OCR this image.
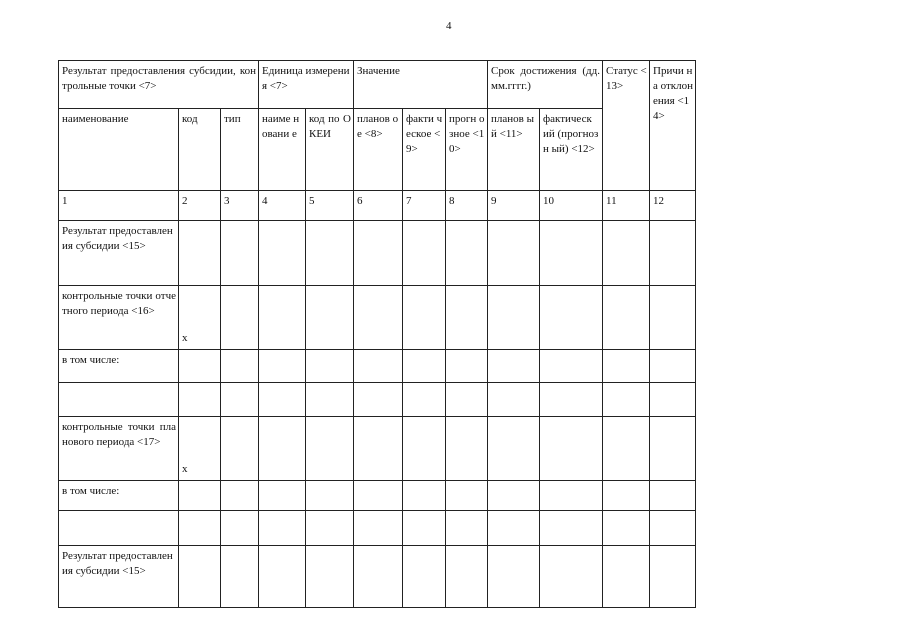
4
Результат предоставления субсидии, контрольные точки <7>			Единица измерения <7>		Значение			Срок достижения (дд.мм.гггг.)		Статус <13>	Причи на отклон ения <14>
наименование	код	тип	наиме новани е	код по ОКЕИ	планов ое <8>	факти ческое <9>	прогн озное <10>	планов ый <11>	фактическ ий (прогнозн ый) <12>		
1	2	3	4	5	6	7	8	9	10	11	12
Результат предоставления субсидии <15>											
контрольные точки отчетного периода <16>	x										
в том числе:											

контрольные точки планового периода <17>	x										
в том числе:											

Результат предоставления субсидии <15>											
